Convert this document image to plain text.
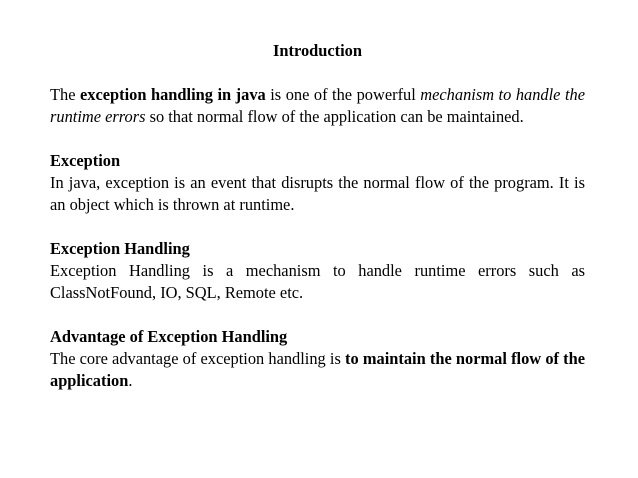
Introduction

The exception handling in java is one of the powerful mechanism to handle the runtime errors so that normal flow of the application can be maintained.

Exception
In java, exception is an event that disrupts the normal flow of the program. It is an object which is thrown at runtime.

Exception Handling
Exception Handling is a mechanism to handle runtime errors such as ClassNotFound, IO, SQL, Remote etc.

Advantage of Exception Handling
The core advantage of exception handling is to maintain the normal flow of the application.
